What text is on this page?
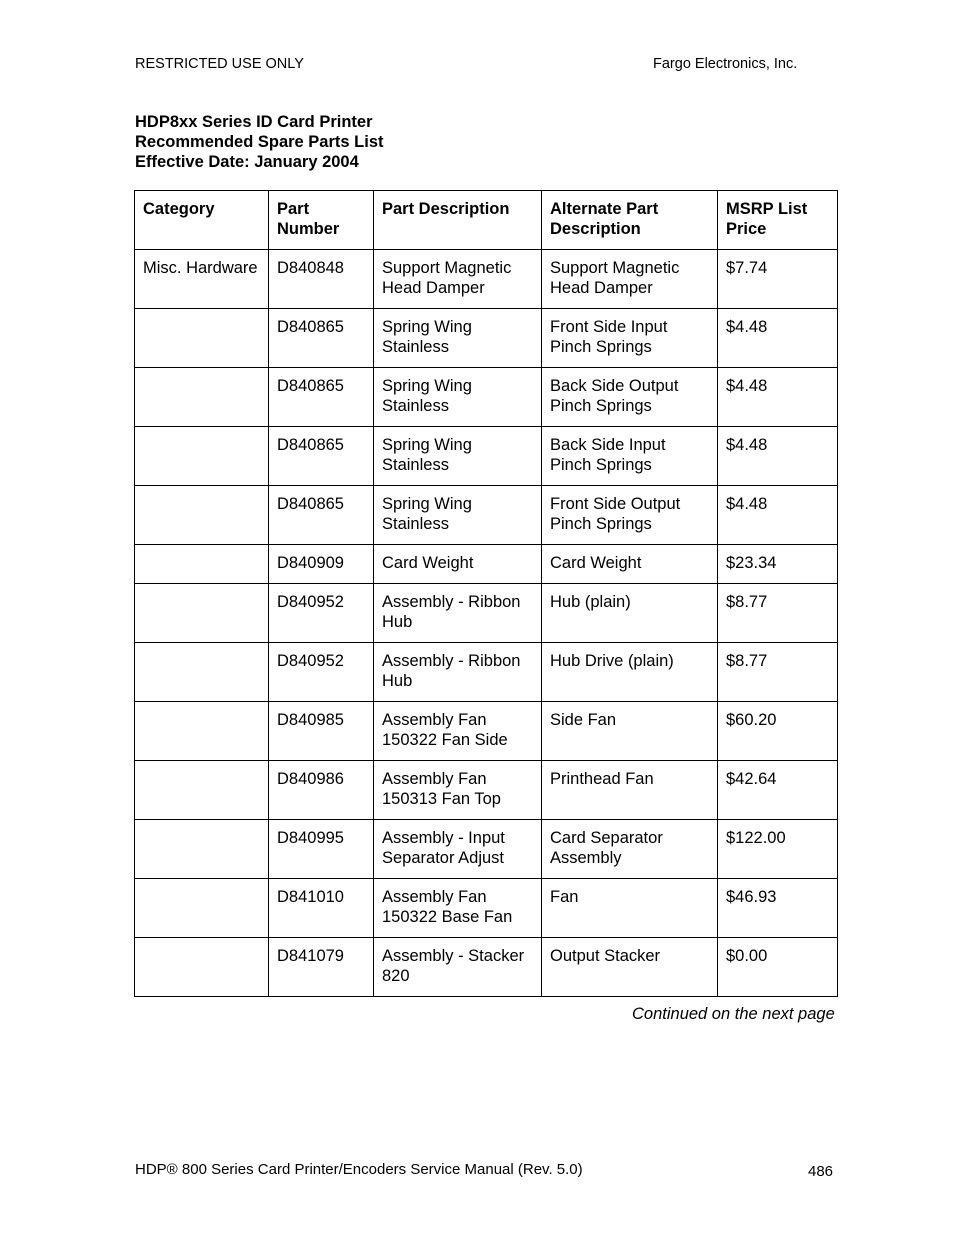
RESTRICTED USE ONLY	Fargo Electronics, Inc.
HDP8xx Series ID Card Printer
Recommended Spare Parts List
Effective Date: January 2004
Category	Part Number	Part Description	Alternate Part Description	MSRP List Price
Misc. Hardware	D840848	Support Magnetic Head Damper	Support Magnetic Head Damper	$7.74
	D840865	Spring Wing Stainless	Front Side Input Pinch Springs	$4.48
	D840865	Spring Wing Stainless	Back Side Output Pinch Springs	$4.48
	D840865	Spring Wing Stainless	Back Side Input Pinch Springs	$4.48
	D840865	Spring Wing Stainless	Front Side Output Pinch Springs	$4.48
	D840909	Card Weight	Card Weight	$23.34
	D840952	Assembly - Ribbon Hub	Hub (plain)	$8.77
	D840952	Assembly - Ribbon Hub	Hub Drive (plain)	$8.77
	D840985	Assembly Fan 150322 Fan Side	Side Fan	$60.20
	D840986	Assembly Fan 150313 Fan Top	Printhead Fan	$42.64
	D840995	Assembly - Input Separator Adjust	Card Separator Assembly	$122.00
	D841010	Assembly Fan 150322 Base Fan	Fan	$46.93
	D841079	Assembly - Stacker 820	Output Stacker	$0.00
Continued on the next page
HDP® 800 Series Card Printer/Encoders Service Manual (Rev. 5.0)	486
